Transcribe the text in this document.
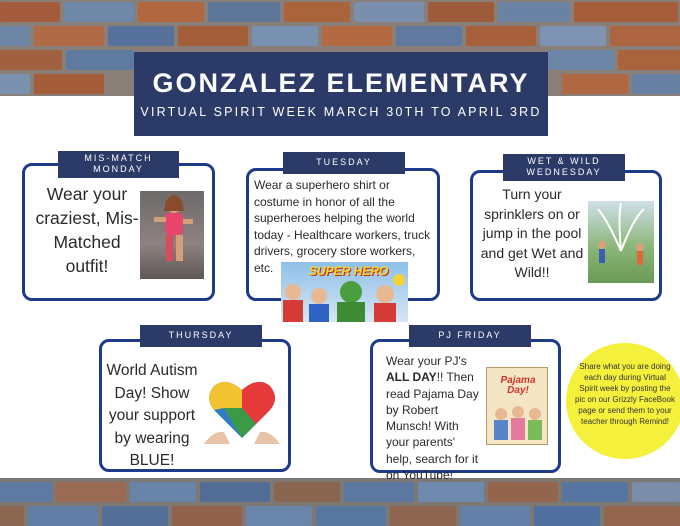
GONZALEZ ELEMENTARY
VIRTUAL SPIRIT WEEK MARCH 30TH TO APRIL 3RD
MIS-MATCH
MONDAY
Wear your craziest, Mis-Matched outfit!
TUESDAY
Wear a superhero shirt or costume in honor of all the superheroes helping the world today - Healthcare workers, truck drivers, grocery store workers, etc.	SUPER HERO
WET & WILD
WEDNESDAY
Turn your sprinklers on or jump in the pool and get Wet and Wild!!
THURSDAY
World Autism Day! Show your support by wearing BLUE!
PJ FRIDAY
Wear your PJ's ALL DAY!! Then read Pajama Day by Robert Munsch! With your parents' help, search for it on YouTube!
Pajama Day!
Share what you are doing each day during Virtual Spirit week by posting the pic on our Grizzly FaceBook page or send them to your teacher through Remind!
